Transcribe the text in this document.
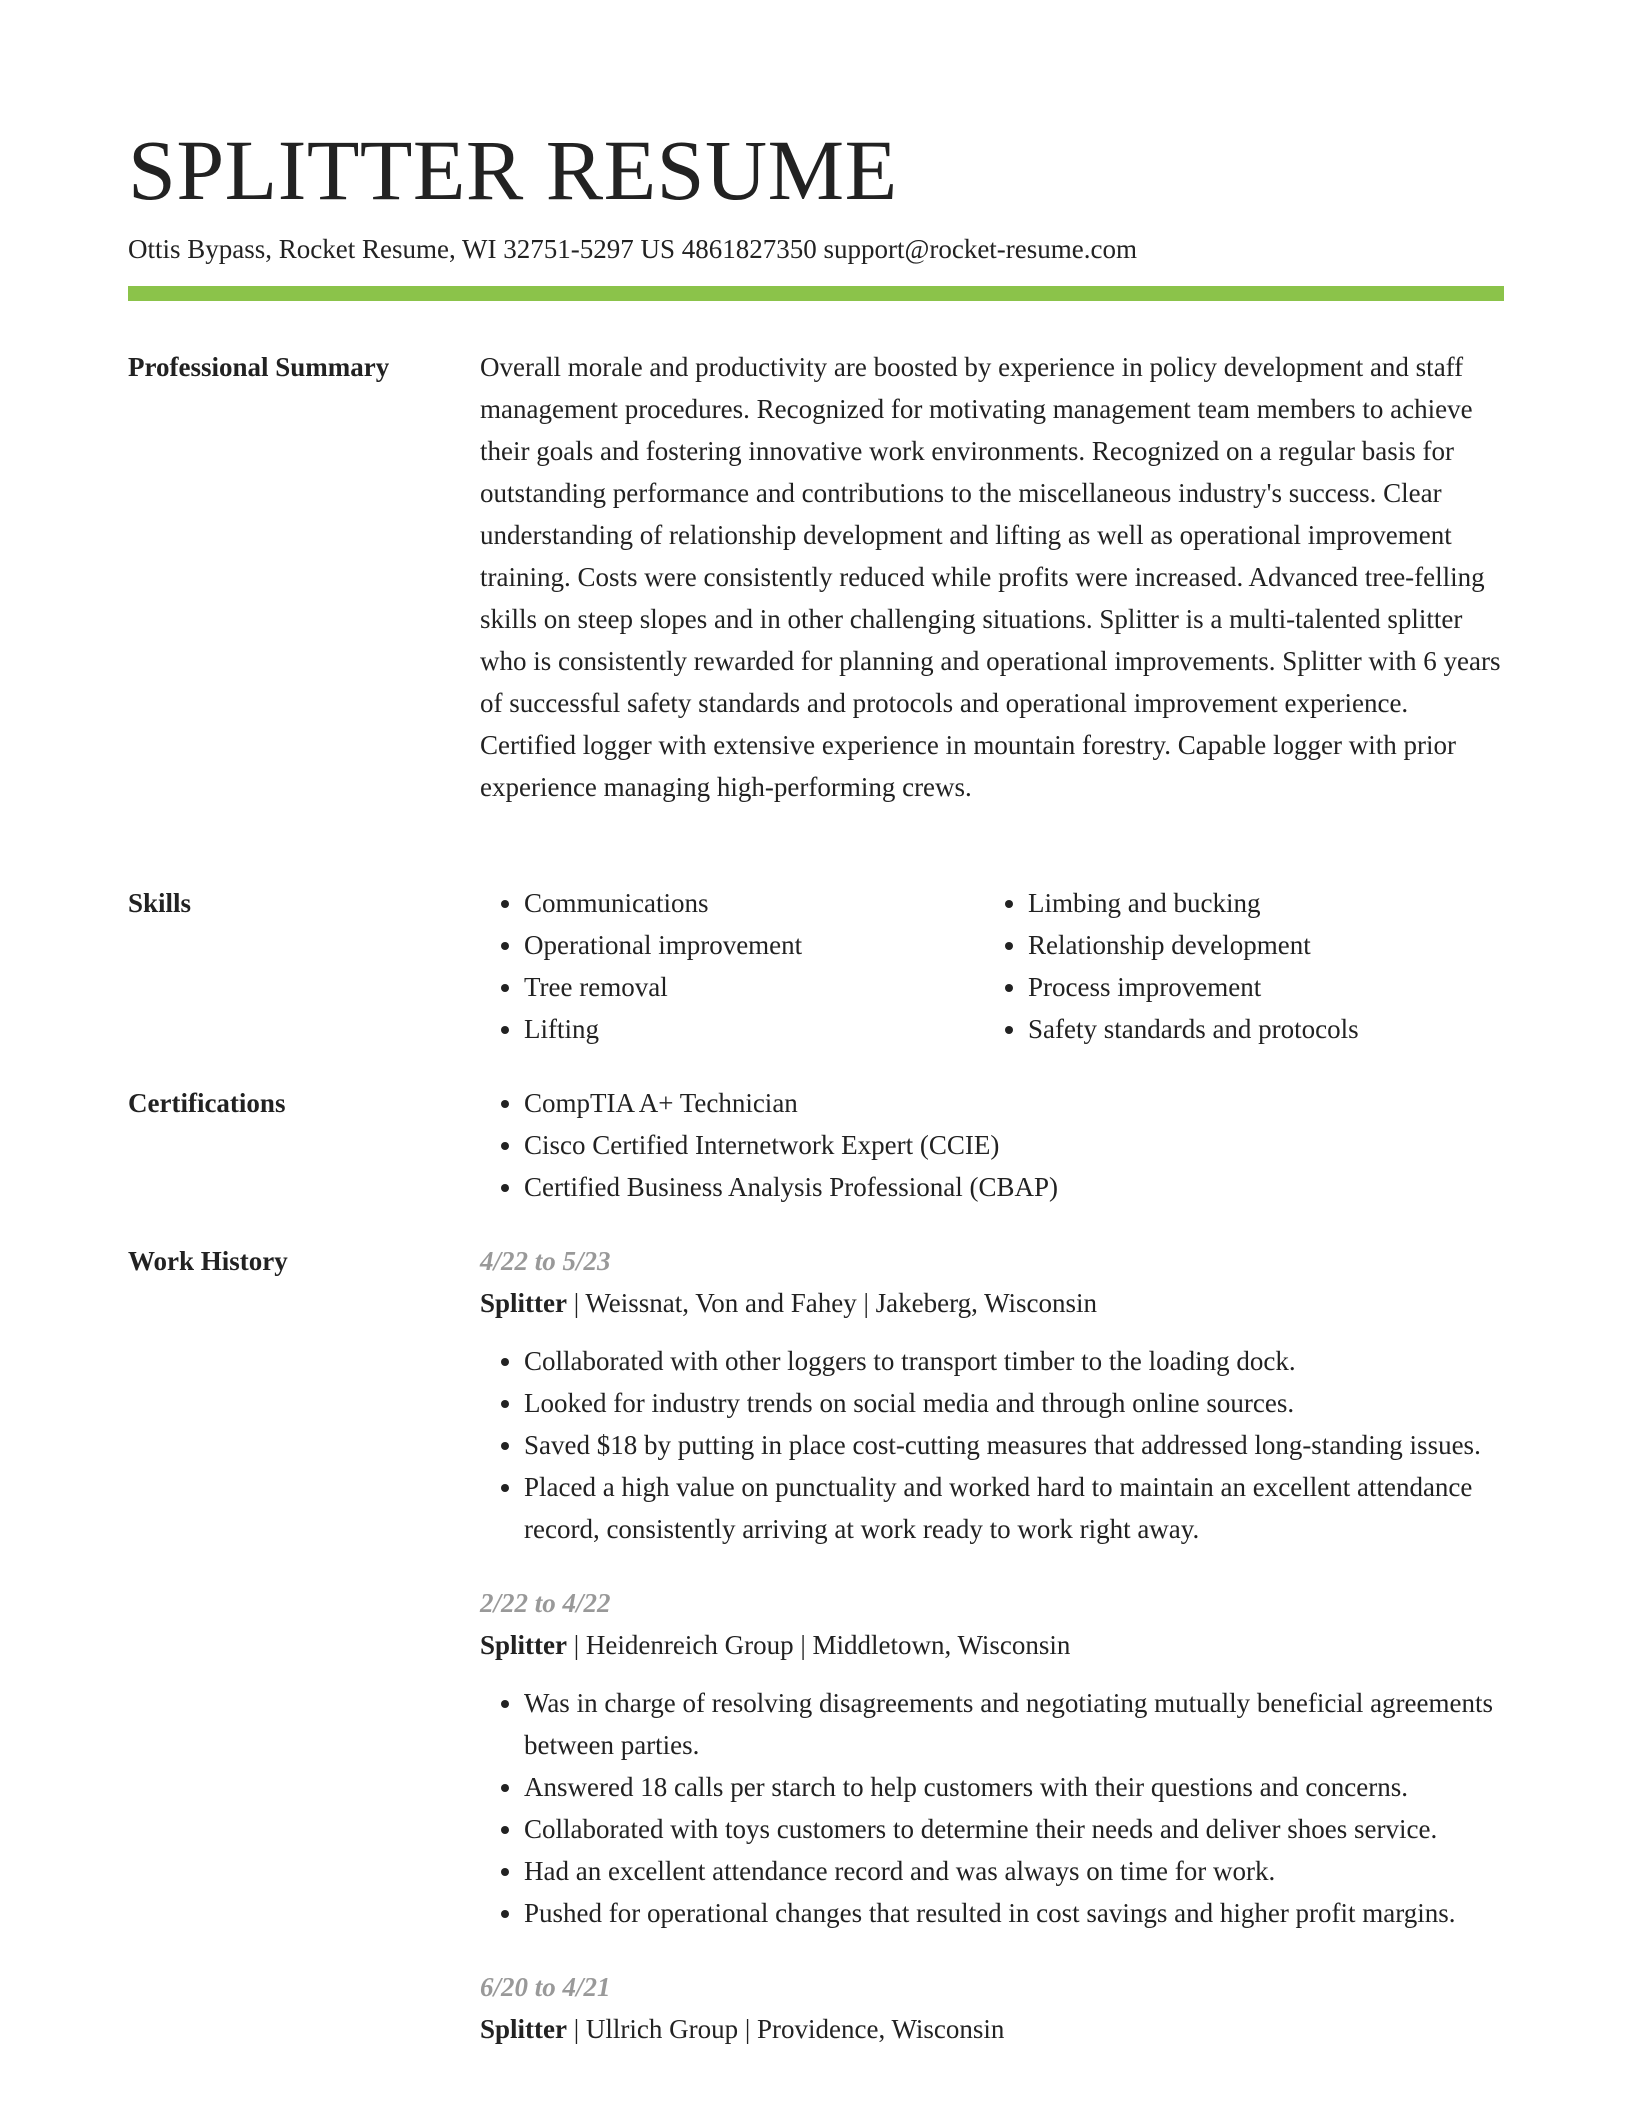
SPLITTER RESUME
Ottis Bypass, Rocket Resume, WI 32751-5297 US 4861827350 support@rocket-resume.com
Professional Summary	Overall morale and productivity are boosted by experience in policy development and staff management procedures. Recognized for motivating management team members to achieve their goals and fostering innovative work environments. Recognized on a regular basis for outstanding performance and contributions to the miscellaneous industry's success. Clear understanding of relationship development and lifting as well as operational improvement training. Costs were consistently reduced while profits were increased. Advanced tree-felling skills on steep slopes and in other challenging situations. Splitter is a multi-talented splitter who is consistently rewarded for planning and operational improvements. Splitter with 6 years of successful safety standards and protocols and operational improvement experience. Certified logger with extensive experience in mountain forestry. Capable logger with prior experience managing high-performing crews.

Skills	• Communications
• Operational improvement
• Tree removal
• Lifting
• Limbing and bucking
• Relationship development
• Process improvement
• Safety standards and protocols
Certifications	• CompTIA A+ Technician
• Cisco Certified Internetwork Expert (CCIE)
• Certified Business Analysis Professional (CBAP)
Work History	4/22 to 5/23
Splitter | Weissnat, Von and Fahey | Jakeberg, Wisconsin
• Collaborated with other loggers to transport timber to the loading dock.
• Looked for industry trends on social media and through online sources.
• Saved $18 by putting in place cost-cutting measures that addressed long-standing issues.
• Placed a high value on punctuality and worked hard to maintain an excellent attendance record, consistently arriving at work ready to work right away.
2/22 to 4/22
Splitter | Heidenreich Group | Middletown, Wisconsin
• Was in charge of resolving disagreements and negotiating mutually beneficial agreements between parties.
• Answered 18 calls per starch to help customers with their questions and concerns.
• Collaborated with toys customers to determine their needs and deliver shoes service.
• Had an excellent attendance record and was always on time for work.
• Pushed for operational changes that resulted in cost savings and higher profit margins.
6/20 to 4/21
Splitter | Ullrich Group | Providence, Wisconsin
